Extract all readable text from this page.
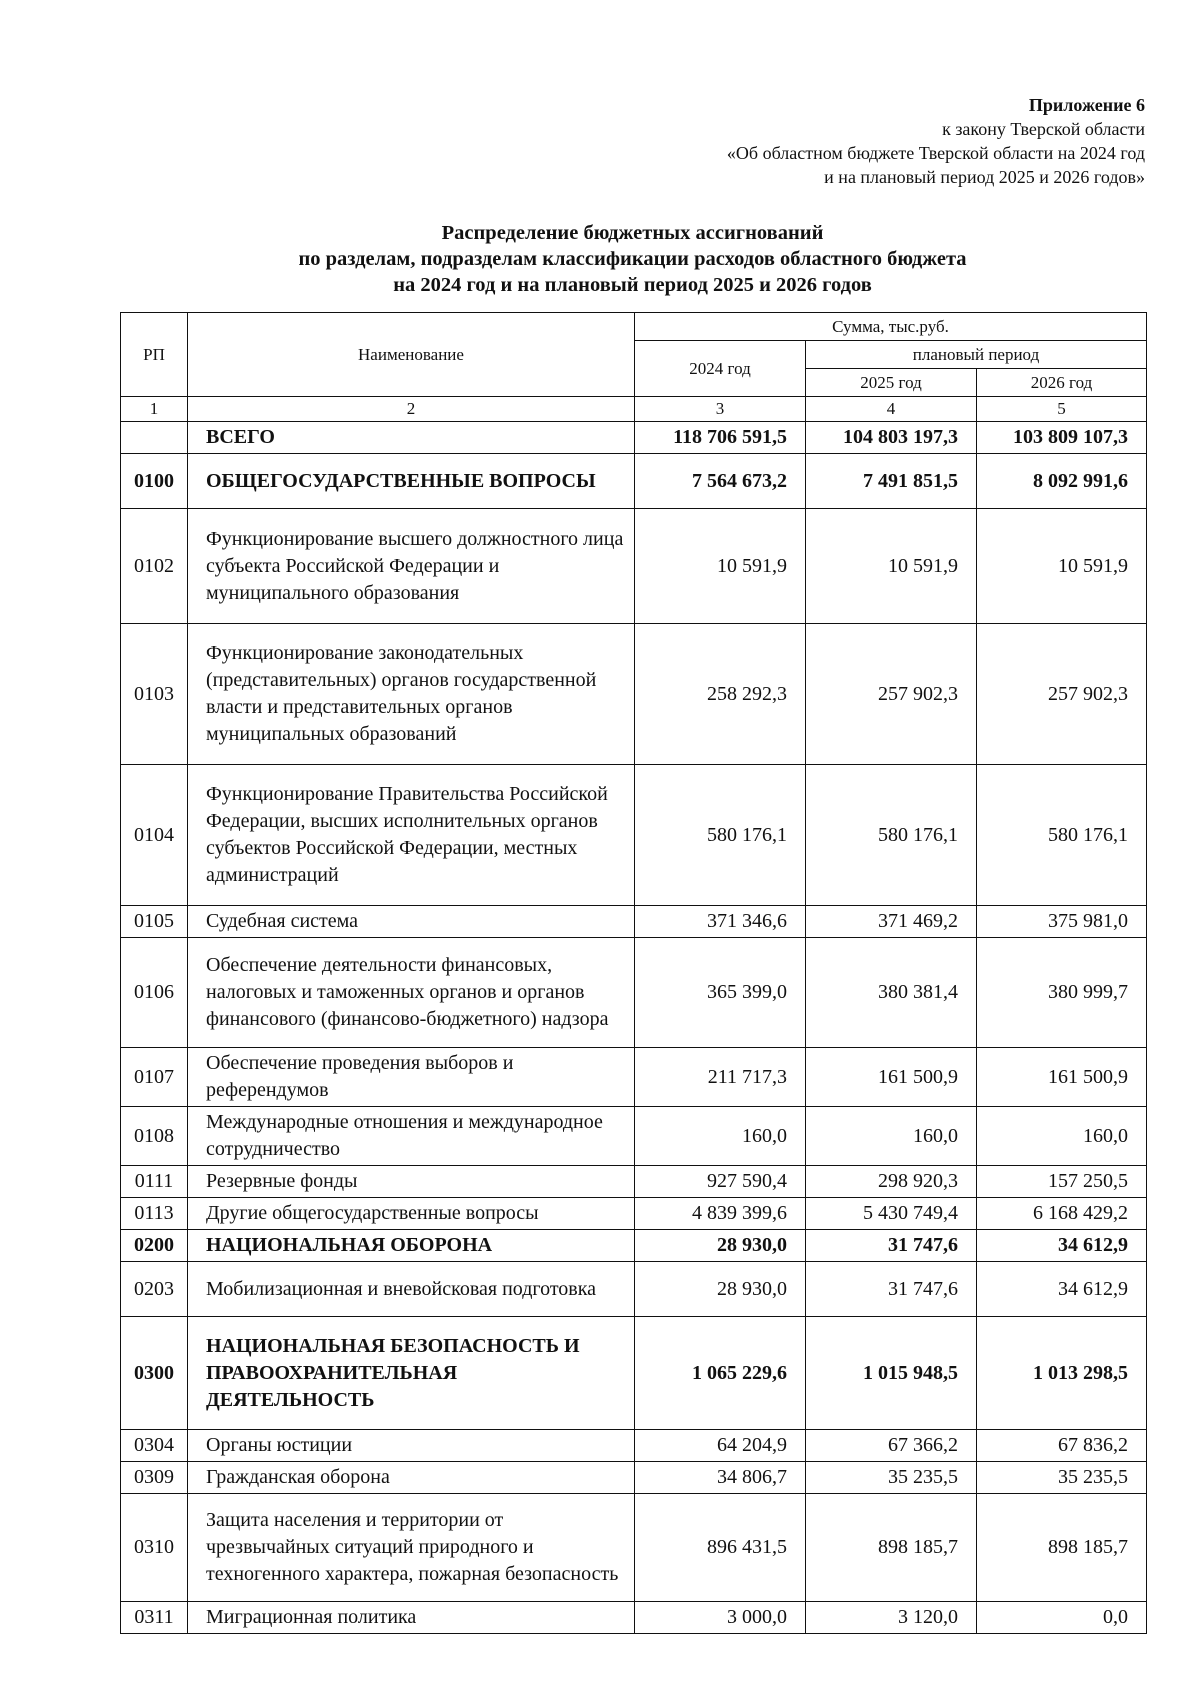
Приложение 6
к закону Тверской области
«Об областном бюджете Тверской области на 2024 год
и на плановый период 2025 и 2026 годов»
Распределение бюджетных ассигнований
по разделам, подразделам классификации расходов областного бюджета
на 2024 год и на плановый период 2025 и 2026 годов
РП	Наименование	Сумма, тыс.руб.		
		2024 год	плановый период	
			2025 год	2026 год
1	2	3	4	5
	ВСЕГО	118 706 591,5	104 803 197,3	103 809 107,3
0100	ОБЩЕГОСУДАРСТВЕННЫЕ ВОПРОСЫ	7 564 673,2	7 491 851,5	8 092 991,6
0102	Функционирование высшего должностного лица субъекта Российской Федерации и муниципального образования	10 591,9	10 591,9	10 591,9
0103	Функционирование законодательных (представительных) органов государственной власти и представительных органов муниципальных образований	258 292,3	257 902,3	257 902,3
0104	Функционирование Правительства Российской Федерации, высших исполнительных органов субъектов Российской Федерации, местных администраций	580 176,1	580 176,1	580 176,1
0105	Судебная система	371 346,6	371 469,2	375 981,0
0106	Обеспечение деятельности финансовых, налоговых и таможенных органов и органов финансового (финансово-бюджетного) надзора	365 399,0	380 381,4	380 999,7
0107	Обеспечение проведения выборов и референдумов	211 717,3	161 500,9	161 500,9
0108	Международные отношения и международное сотрудничество	160,0	160,0	160,0
0111	Резервные фонды	927 590,4	298 920,3	157 250,5
0113	Другие общегосударственные вопросы	4 839 399,6	5 430 749,4	6 168 429,2
0200	НАЦИОНАЛЬНАЯ ОБОРОНА	28 930,0	31 747,6	34 612,9
0203	Мобилизационная и вневойсковая подготовка	28 930,0	31 747,6	34 612,9
0300	НАЦИОНАЛЬНАЯ БЕЗОПАСНОСТЬ И ПРАВООХРАНИТЕЛЬНАЯ ДЕЯТЕЛЬНОСТЬ	1 065 229,6	1 015 948,5	1 013 298,5
0304	Органы юстиции	64 204,9	67 366,2	67 836,2
0309	Гражданская оборона	34 806,7	35 235,5	35 235,5
0310	Защита населения и территории от чрезвычайных ситуаций природного и техногенного характера, пожарная безопасность	896 431,5	898 185,7	898 185,7
0311	Миграционная политика	3 000,0	3 120,0	0,0
